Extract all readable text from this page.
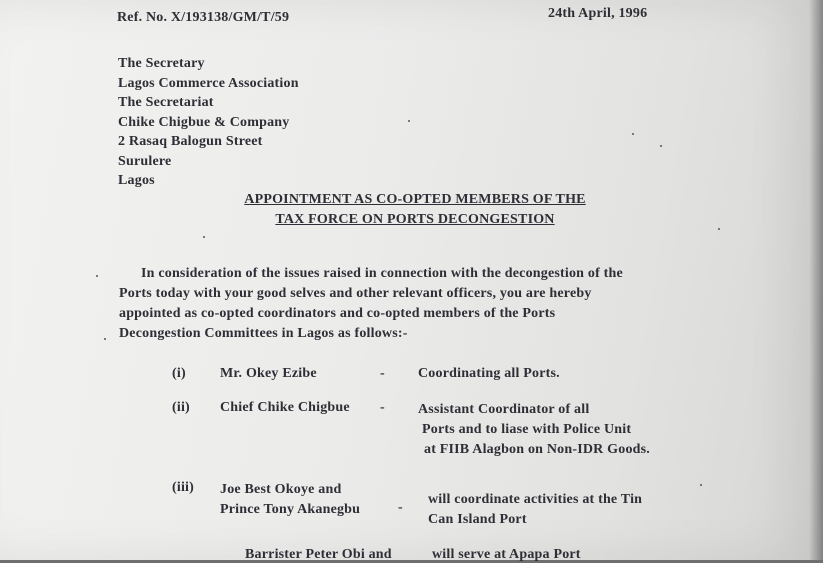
Ref. No. X/193138/GM/T/59	24th April, 1996
The Secretary
Lagos Commerce Association
The Secretariat
Chike Chigbue & Company
2 Rasaq Balogun Street
Surulere
Lagos
APPOINTMENT AS CO-OPTED MEMBERS OF THE
TAX FORCE ON PORTS DECONGESTION
In consideration of the issues raised in connection with the decongestion of the
Ports today with your good selves and other relevant officers, you are hereby
appointed as co-opted coordinators and co-opted members of the Ports
Decongestion Committees in Lagos as follows:-
(i) Mr. Okey Ezibe	- Coordinating all Ports.
(ii) Chief Chike Chigbue - Assistant Coordinator of all
Ports and to liase with Police Unit
at FIIB Alagbon on Non-IDR Goods.
(iii) Joe Best Okoye and
Prince Tony Akanegbu	-
will coordinate activities at the Tin
Can Island Port
Barrister Peter Obi and	will serve at Apapa Port
